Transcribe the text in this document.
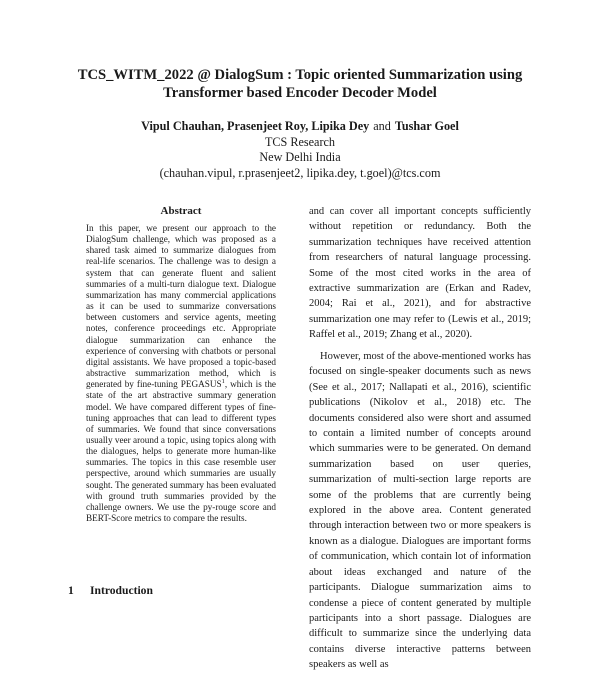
TCS_WITM_2022 @ DialogSum : Topic oriented Summarization using
Transformer based Encoder Decoder Model
Vipul Chauhan, Prasenjeet Roy, Lipika Dey and Tushar Goel
TCS Research
New Delhi India
(chauhan.vipul, r.prasenjeet2, lipika.dey, t.goel)@tcs.com
Abstract
In this paper, we present our approach to the DialogSum challenge, which was proposed as a shared task aimed to summarize dialogues from real-life scenarios. The challenge was to design a system that can generate fluent and salient summaries of a multi-turn dialogue text. Dialogue summarization has many commercial applications as it can be used to summarize conversations between customers and service agents, meeting notes, conference proceedings etc. Appropriate dialogue summarization can enhance the experience of conversing with chatbots or personal digital assistants. We have proposed a topic-based abstractive summarization method, which is generated by fine-tuning PEGASUS$^1$, which is the state of the art abstractive summary generation model. We have compared different types of fine-tuning approaches that can lead to different types of summaries. We found that since conversations usually veer around a topic, using topics along with the dialogues, helps to generate more human-like summaries. The topics in this case resemble user perspective, around which summaries are usually sought. The generated summary has been evaluated with ground truth summaries provided by the challenge owners. We use the py-rouge score and BERT-Score metrics to compare the results.
1 Introduction
and can cover all important concepts sufficiently without repetition or redundancy. Both the summarization techniques have received attention from researchers of natural language processing. Some of the most cited works in the area of extractive summarization are (Erkan and Radev, 2004; Rai et al., 2021), and for abstractive summarization one may refer to (Lewis et al., 2019; Raffel et al., 2019; Zhang et al., 2020).
However, most of the above-mentioned works has focused on single-speaker documents such as news (See et al., 2017; Nallapati et al., 2016), scientific publications (Nikolov et al., 2018) etc. The documents considered also were short and assumed to contain a limited number of concepts around which summaries were to be generated. On demand summarization based on user queries, summarization of multi-section large reports are some of the problems that are currently being explored in the above area. Content generated through interaction between two or more speakers is known as a dialogue. Dialogues are important forms of communication, which contain lot of information about ideas exchanged and nature of the participants. Dialogue summarization aims to condense a piece of content generated by multiple participants into a short passage. Dialogues are difficult to summarize since the underlying data contains diverse interactive patterns between speakers as well as
